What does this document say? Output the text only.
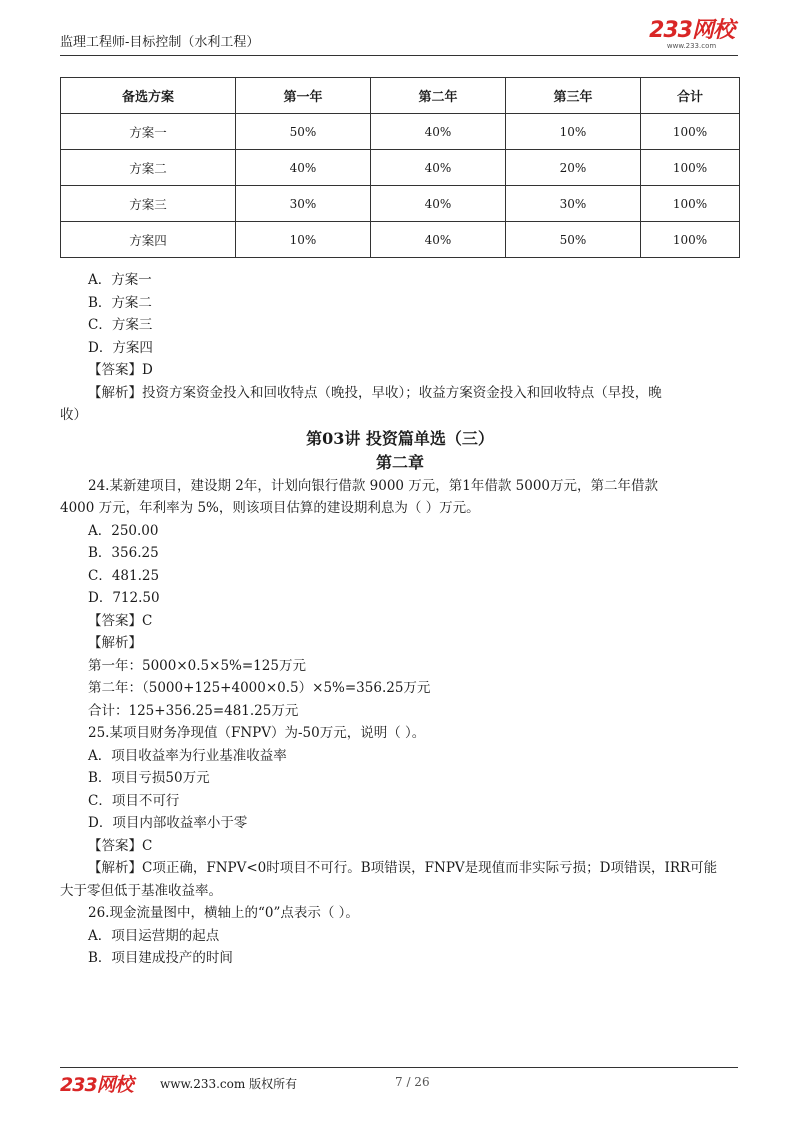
监理工程师-目标控制（水利工程）	233网校
www.233.com
备选方案	第一年	第二年	第三年	合计
方案一	50%	40%	10%	100%
方案二	40%	40%	20%	100%
方案三	30%	40%	30%	100%
方案四	10%	40%	50%	100%

A．方案一

B．方案二

C．方案三

D．方案四

【答案】D

【解析】投资方案资金投入和回收特点（晚投，早收）；收益方案资金投入和回收特点（早投，晚

收）

第03讲 投资篇单选（三）

第二章

24.某新建项目，建设期 2年，计划向银行借款 9000 万元，第1年借款 5000万元，第二年借款

4000 万元，年利率为 5%，则该项目估算的建设期利息为（ ）万元。

A．250.00

B．356.25

C．481.25

D．712.50

【答案】C

【解析】

第一年：5000×0.5×5%=125万元

第二年：（5000+125+4000×0.5）×5%=356.25万元

合计：125+356.25=481.25万元

25.某项目财务净现值（FNPV）为-50万元，说明（ ）。

A．项目收益率为行业基准收益率

B．项目亏损50万元

C．项目不可行

D．项目内部收益率小于零

【答案】C

【解析】C项正确，FNPV<0时项目不可行。B项错误，FNPV是现值而非实际亏损；D项错误，IRR可能

大于零但低于基准收益率。

26.现金流量图中，横轴上的“0”点表示（ ）。

A．项目运营期的起点

B．项目建成投产的时间

233网校 www.233.com 版权所有	7 / 26
